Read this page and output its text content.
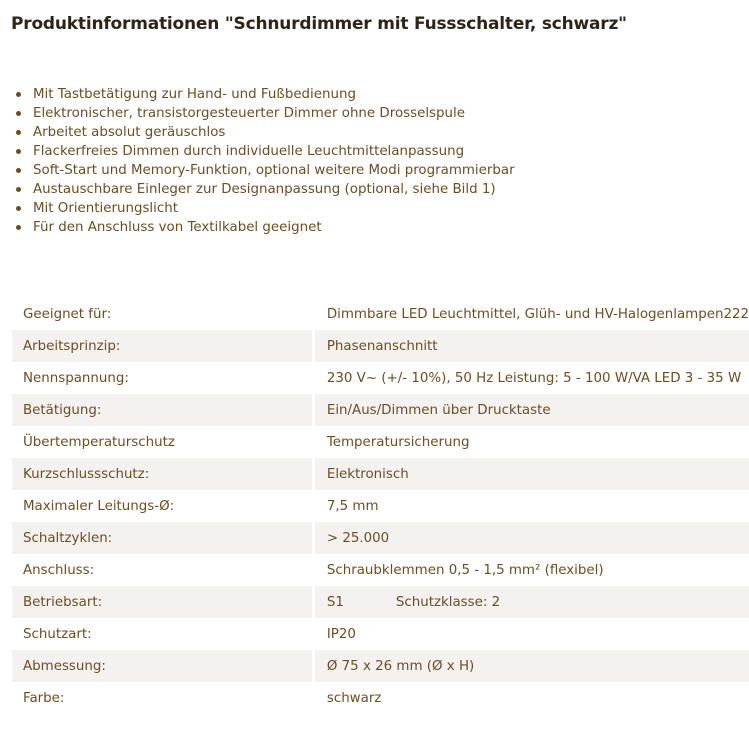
Produktinformationen "Schnurdimmer mit Fussschalter, schwarz"
Mit Tastbetätigung zur Hand- und Fußbedienung
Elektronischer, transistorgesteuerter Dimmer ohne Drosselspule
Arbeitet absolut geräuschlos
Flackerfreies Dimmen durch individuelle Leuchtmittelanpassung
Soft-Start und Memory-Funktion, optional weitere Modi programmierbar
Austauschbare Einleger zur Designanpassung (optional, siehe Bild 1)
Mit Orientierungslicht
Für den Anschluss von Textilkabel geeignet
Geeignet für:	Dimmbare LED Leuchtmittel, Glüh- und HV-Halogenlampen222
Arbeitsprinzip:	Phasenanschnitt
Nennspannung:	230 V~ (+/- 10%), 50 Hz Leistung: 5 - 100 W/VA LED 3 - 35 W
Betätigung:	Ein/Aus/Dimmen über Drucktaste
Übertemperaturschutz	Temperatursicherung
Kurzschlussschutz:	Elektronisch
Maximaler Leitungs-Ø:	7,5 mm
Schaltzyklen:	> 25.000
Anschluss:	Schraubklemmen 0,5 - 1,5 mm² (flexibel)
Betriebsart:	S1 Schutzklasse: 2
Schutzart:	IP20
Abmessung:	Ø 75 x 26 mm (Ø x H)
Farbe:	schwarz
